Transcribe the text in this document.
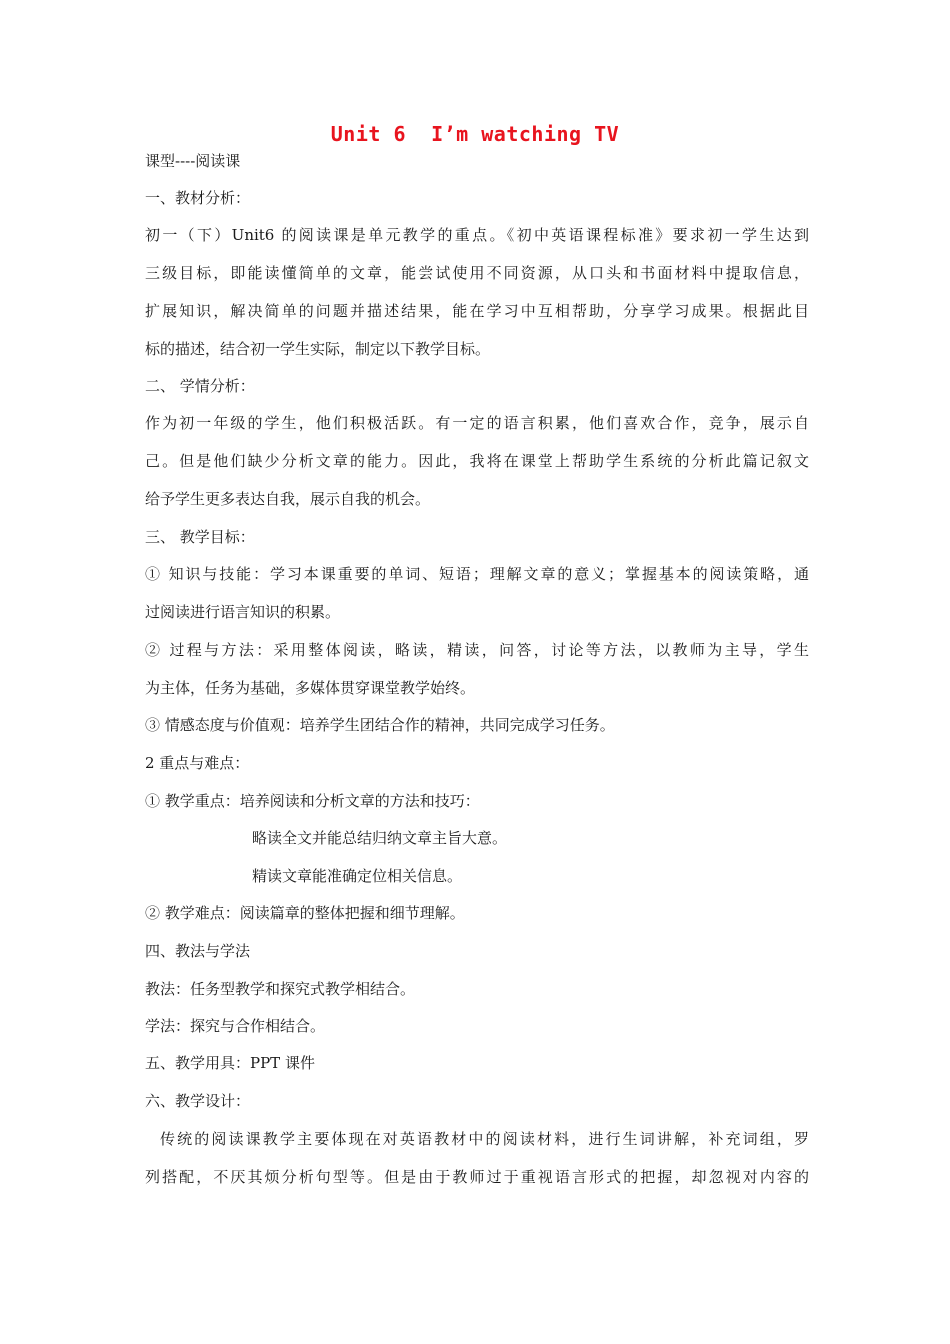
Unit 6  I’m watching TV
课型----阅读课
一、教材分析：
初一（下）Unit6 的阅读课是单元教学的重点。《初中英语课程标准》要求初一学生达到
三级目标，即能读懂简单的文章，能尝试使用不同资源，从口头和书面材料中提取信息，
扩展知识，解决简单的问题并描述结果，能在学习中互相帮助，分享学习成果。根据此目
标的描述，结合初一学生实际，制定以下教学目标。
二、 学情分析：
作为初一年级的学生，他们积极活跃。有一定的语言积累，他们喜欢合作，竞争，展示自
己。但是他们缺少分析文章的能力。因此，我将在课堂上帮助学生系统的分析此篇记叙文
给予学生更多表达自我，展示自我的机会。
三、 教学目标：
① 知识与技能：学习本课重要的单词、短语；理解文章的意义；掌握基本的阅读策略，通
过阅读进行语言知识的积累。
② 过程与方法：采用整体阅读，略读，精读，问答，讨论等方法，以教师为主导，学生
为主体，任务为基础，多媒体贯穿课堂教学始终。
③ 情感态度与价值观：培养学生团结合作的精神，共同完成学习任务。
2 重点与难点：
① 教学重点：培养阅读和分析文章的方法和技巧：
略读全文并能总结归纳文章主旨大意。
精读文章能准确定位相关信息。
② 教学难点：阅读篇章的整体把握和细节理解。
四、教法与学法
教法：任务型教学和探究式教学相结合。
学法：探究与合作相结合。
五、教学用具：PPT 课件
六、教学设计：
传统的阅读课教学主要体现在对英语教材中的阅读材料，进行生词讲解，补充词组，罗
列搭配，不厌其烦分析句型等。但是由于教师过于重视语言形式的把握，却忽视对内容的
